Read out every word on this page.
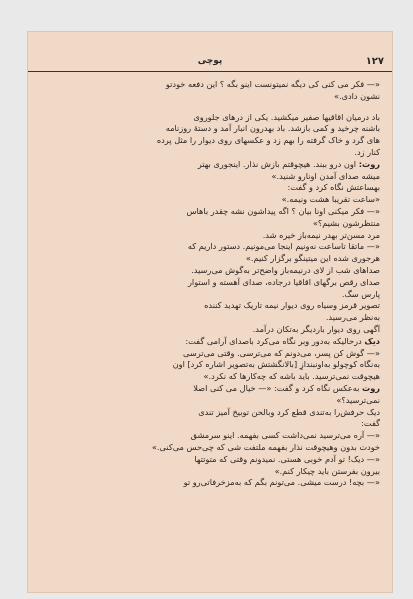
۱۲۷
پوچی

«— فکر می کنی کی دیگه نمیتونست اینو بگه ؟ این دفعه خودتو

نشون دادی.»

باد درمیان اقاقیها صفیر میکشید. یکی از درهای جلوروی

باشنه چرخید و کمی بازشد. باد بهدرون انبار آمد و دستهٔ روزنامه

های گرد و خاک گرفته را بهم زد و عکسهای روی دیوار را مثل پرده

کنار زد.

روت: اون درو ببند. هیچوقتم بازش نذار. اینجوری بهتر

میشه صدای آمدن اونارو شنید.»

بهساعتش نگاه کرد و گفت:

«ساعت تقریبا هشت ونیمه.»

«— فکر میکنی اونا بیان ؟ اگه پیداشون نشه چقدر باهاس

منتظرشون بشیم؟»

مرد مسن‌تر بهدر نیمه‌باز خیره شد.

«— ماتقا تاساعت نه‌ونیم اینجا می‌مونیم. دستور داریم که

هرجوری شده این میتینگو برگزار کنیم.»

صداهای شب از لای درنیمه‌باز واضح‌تر به‌گوش می‌رسید.

صدای رقص برگهای اقاقیا درجاده، صدای آهسته و استوار

پارس سگ.

تصویر قرمز وسیاه روی دیوار نیمه تاریک تهدید کننده

به‌نظر می‌رسید.

آگهی روی دیوار باردیگر به‌تکان درآمد.

دیک درحالیکه به‌دور وبر نگاه می‌کرد باصدای آرامی گفت:

«— گوش کن پسر، می‌دونم که می‌ترسی. وقتی می‌ترسی

به‌نگاه کوچولو به‌اونبندازِ [بالانگشتش به‌تصویر اشاره کرد] اون

هیچوقت نمی‌ترسید. باید باشه که چه‌کارها که نکرد.»

روت به‌عکس نگاه کرد و گفت: «— خیال می کنی اصلا

نمی‌ترسید؟»

دیک حرفش‌را به‌تندی قطع کرد وبالحن توبیخ آمیز تندی

گفت:

«— آره می‌ترسید نمی‌داشت کسی بفهمه. اینو سرمشق

خودت بدون وهیچوقت نذار بفهمه ملتفت شی که چی‌حس می‌کنی.»

«— دیک! تو آدم خوبی هستی. نمیدونم وقتی که متوتتها

بیرون بفرستن باید چیکار کنم.»

«— بچه! درست میشی. می‌تونم بگم که به‌مزخرفاتی‌رو تو
